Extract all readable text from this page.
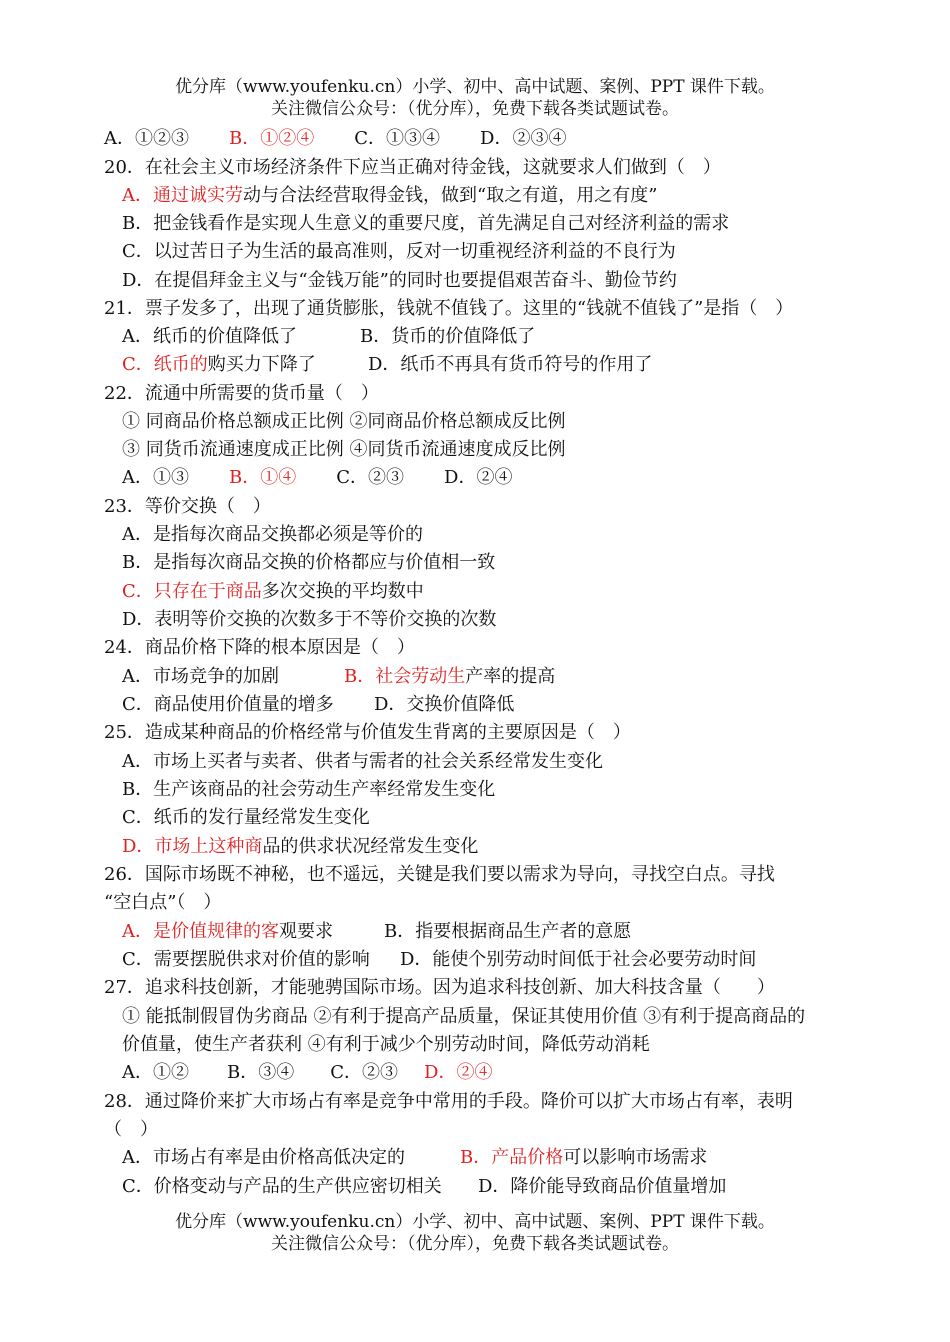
优分库（www.youfenku.cn）小学、初中、高中试题、案例、PPT 课件下载。
关注微信公众号：（优分库），免费下载各类试题试卷。
A．①②③ B．①②④ C．①③④ D．②③④
20．在社会主义市场经济条件下应当正确对待金钱，这就要求人们做到（　）
A．通过诚实劳动与合法经营取得金钱，做到“取之有道，用之有度”
B．把金钱看作是实现人生意义的重要尺度，首先满足自己对经济利益的需求
C．以过苦日子为生活的最高准则，反对一切重视经济利益的不良行为
D．在提倡拜金主义与“金钱万能”的同时也要提倡艰苦奋斗、勤俭节约
21．票子发多了，出现了通货膨胀，钱就不值钱了。这里的“钱就不值钱了”是指（　）
A．纸币的价值降低了	B．货币的价值降低了
C．纸币的购买力下降了	D．纸币不再具有货币符号的作用了
22．流通中所需要的货币量（　）
① 同商品价格总额成正比例 ②同商品价格总额成反比例
③ 同货币流通速度成正比例 ④同货币流通速度成反比例
A．①③ B．①④ C．②③ D．②④
23．等价交换（　）
A．是指每次商品交换都必须是等价的
B．是指每次商品交换的价格都应与价值相一致
C．只存在于商品多次交换的平均数中
D．表明等价交换的次数多于不等价交换的次数
24．商品价格下降的根本原因是（　）
A．市场竞争的加剧	B．社会劳动生产率的提高
C．商品使用价值量的增多 D．交换价值降低
25．造成某种商品的价格经常与价值发生背离的主要原因是（　）
A．市场上买者与卖者、供者与需者的社会关系经常发生变化
B．生产该商品的社会劳动生产率经常发生变化
C．纸币的发行量经常发生变化
D．市场上这种商品的供求状况经常发生变化
26．国际市场既不神秘，也不遥远，关键是我们要以需求为导向，寻找空白点。寻找
“空白点”（　）
A．是价值规律的客观要求	B．指要根据商品生产者的意愿
C．需要摆脱供求对价值的影响 D．能使个别劳动时间低于社会必要劳动时间
27．追求科技创新，才能驰骋国际市场。因为追求科技创新、加大科技含量（　　）
① 能抵制假冒伪劣商品 ②有利于提高产品质量，保证其使用价值 ③有利于提高商品的
价值量，使生产者获利 ④有利于减少个别劳动时间，降低劳动消耗
A．①② B．③④ C．②③ D．②④
28．通过降价来扩大市场占有率是竞争中常用的手段。降价可以扩大市场占有率，表明
（　）
A．市场占有率是由价格高低决定的	B．产品价格可以影响市场需求
C．价格变动与产品的生产供应密切相关 D．降价能导致商品价值量增加
优分库（www.youfenku.cn）小学、初中、高中试题、案例、PPT 课件下载。
关注微信公众号：（优分库），免费下载各类试题试卷。
